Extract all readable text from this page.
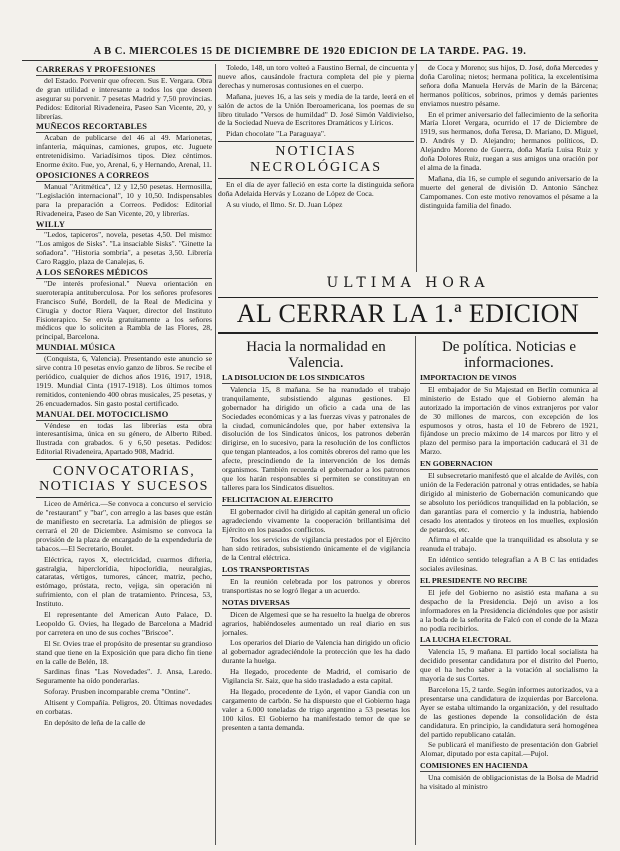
A B C. MIERCOLES 15 DE DICIEMBRE DE 1920 EDICION DE LA TARDE. PAG. 19.
CARRERAS Y PROFESIONES
del Estado. Porvenir que ofrecen. Sus E. Vergara. Obra de gran utilidad e interesante a todos los que deseen asegurar su porvenir. 7 pesetas Madrid y 7,50 provincias. Pedidos: Editorial Rivadeneira, Paseo San Vicente, 20, y librerías.
MUÑECOS RECORTABLES
Acaban de publicarse del 46 al 49. Marionetas, infanteria, máquinas, camiones, grupos, etc. Juguete entretenidísimo. Variadísimos tipos. Diez céntimos. Enorme éxito. Fue, yo, Arenal, 6, y Hernando, Arenal, 11.
OPOSICIONES A CORREOS
Manual "Aritmética", 12 y 12,50 pesetas. Hermosilla, "Legislación internacional", 10 y 10,50. Indispensables para la preparación a Correos. Pedidos: Editorial Rivadeneira, Paseo de San Vicente, 20, y librerías.
WILLY
"Ledos, tapiceros", novela, pesetas 4,50. Del mismo: "Los amigos de Sisks". "La insaciable Sisks". "Ginette la soñadora". "Historia sombría", a pesetas 3,50. Librería Caro Raggio, plaza de Canalejas, 6.
A LOS SEÑORES MÉDICOS
"De interés profesional." Nueva orientación en sueroterapia antituberculosa. Por los señores profesores Francisco Suñé, Bordell, de la Real de Medicina y Cirugía y doctor Riera Vaquer, director del Instituto Fisioterapico. Se envía gratuitamente a los señores médicos que lo soliciten a Rambla de las Flores, 28, principal, Barcelona.
MUNDIAL MÚSICA
(Conquista, 6, Valencia). Presentando este anuncio se sirve contra 10 pesetas envío ganzo de libros. Se recibe el periódico, cualquier de dichos años 1916, 1917, 1918, 1919. Mundial Cinta (1917-1918). Los últimos tomos remitidos, conteniendo 400 obras musicales, 25 pesetas, y 26 encuadernados. Sin gasto postal certificado.
MANUAL DEL MOTOCICLISMO
Véndese en todas las librerías esta obra interesantísima, única en su género, de Alberto Ribed. Ilustrada con grabados. 6 y 6,50 pesetas. Pedidos: Editorial Rivadeneira, Apartado 908, Madrid.
CONVOCATORIAS, NOTICIAS Y SUCESOS
Liceo de América.—Se convoca a concurso el servicio de "restaurant" y "bar", con arreglo a las bases que están de manifiesto en secretaría. La admisión de pliegos se cerrará el 20 de Diciembre. Asimismo se convoca la provisión de la plaza de encargado de la expendeduría de tabacos.—El Secretario, Boulet.
Eléctrica, rayos X, electricidad, cuarmos difteria, gastralgia, hiperclorídia, hipoclorídia, neuralgias, cataratas, vértigos, tumores, cáncer, matriz, pecho, estómago, próstata, recto, vejiga, sin operación ni sufrimiento, con el plan de tratamiento. Princesa, 53, Instituto.
El representante del American Auto Palace, D. Leopoldo G. Ovies, ha llegado de Barcelona a Madrid por carretera en uno de sus coches "Briscoe".
El Sr. Ovies trae el propósito de presentar su grandioso stand que tiene en la Exposición que para dicho fin tiene en la calle de Belén, 18.
Sardinas finas "Las Novedades". J. Ansa, Laredo. Seguramente ha oído ponderarlas.
Soforay. Prusben incomparable crema "Ontine".
Altisent y Compañía. Peligros, 20. Últimas novedades en corbatas.
En depósito de leña de la calle de
Toledo, 148, un toro volteó a Faustino Bernal, de cincuenta y nueve años, causándole fractura completa del pie y pierna derechas y numerosas contusiones en el cuerpo.
Mañana, jueves 16, a las seis y media de la tarde, leerá en el salón de actos de la Unión Iberoamericana, los poemas de su libro titulado "Versos de humildad" D. José Simón Valdivielso, de la Sociedad Nueva de Escritores Dramáticos y Líricos.
Pidan chocolate "La Paraguaya".
NOTICIAS NECROLÓGICAS
En el día de ayer falleció en esta corte la distinguida señora doña Adelaida Hervás y Lozano de López de Coca.
A su viudo, el Ilmo. Sr. D. Juan López
de Coca y Moreno; sus hijos, D. José, doña Mercedes y doña Carolina; nietos; hermana política, la excelentísima señora doña Manuela Hervás de Marín de la Bárcena; hermanos políticos, sobrinos, primos y demás parientes enviamos nuestro pésame.
En el primer aniversario del fallecimiento de la señorita María Lloret Vergara, ocurrido el 17 de Diciembre de 1919, sus hermanos, doña Teresa, D. Mariano, D. Miguel, D. Andrés y D. Alejandro; hermanos políticos, D. Alejandro Moreno de Guerra, doña María Luisa Ruiz y doña Dolores Ruiz, ruegan a sus amigos una oración por el alma de la finada.
Mañana, día 16, se cumple el segundo aniversario de la muerte del general de división D. Antonio Sánchez Campomanes. Con este motivo renovamos el pésame a la distinguida familia del finado.
ULTIMA HORA
AL CERRAR LA 1.ª EDICION
Hacia la normalidad en Valencia.
LA DISOLUCION DE LOS SINDICATOS
Valencia 15, 8 mañana. Se ha reanudado el trabajo tranquilamente, subsistiendo algunas gestiones. El gobernador ha dirigido un oficio a cada una de las Sociedades económicas y a las fuerzas vivas y patronales de la ciudad, comunicándoles que, por haber extensiva la disolución de los Sindicatos únicos, los patronos deberán dirigirse, en lo sucesivo, para la resolución de los conflictos que tengan planteados, a los comités obreros del ramo que les afecte, prescindiendo de la intervención de los demás organismos. También recuerda el gobernador a los patronos que los harán responsables si permiten se constituyan en talleres para los Sindicatos disueltos.
FELICITACION AL EJERCITO
El gobernador civil ha dirigido al capitán general un oficio agradeciendo vivamente la cooperación brillantísima del Ejército en los pasados conflictos.
Todos los servicios de vigilancia prestados por el Ejército han sido retirados, subsistiendo únicamente el de vigilancia de la Central eléctrica.
LOS TRANSPORTISTAS
En la reunión celebrada por los patronos y obreros transportistas no se logró llegar a un acuerdo.
NOTAS DIVERSAS
Dicen de Algemesí que se ha resuelto la huelga de obreros agrarios, habiéndoseles aumentado un real diario en sus jornales.
Los operarios del Diario de Valencia han dirigido un oficio al gobernador agradeciéndole la protección que les ha dado durante la huelga.
Ha llegado, procedente de Madrid, el comisario de Vigilancia Sr. Saiz, que ha sido trasladado a esta capital.
Ha llegado, procedente de Lyón, el vapor Gandía con un cargamento de carbón. Se ha dispuesto que el Gobierno haga valer a 6.000 toneladas de trigo argentino a 53 pesetas los 100 kilos. El Gobierno ha manifestado temor de que se presenten a tanta demanda.
De política. Noticias e informaciones.
IMPORTACION DE VINOS
El embajador de Su Majestad en Berlín comunica al ministerio de Estado que el Gobierno alemán ha autorizado la importación de vinos extranjeros por valor de 30 millones de marcos, con excepción de los espumosos y otros, hasta el 10 de Febrero de 1921, fijándose un precio máximo de 14 marcos por litro y el plazo del permiso para la importación caducará el 31 de Marzo.
EN GOBERNACION
El subsecretario manifestó que el alcalde de Avilés, con unión de la Federación patronal y otras entidades, se había dirigido al ministerio de Gobernación comunicando que se absoluto los periódicos tranquilidad en la población, se dan garantías para el comercio y la industria, habiendo cesado los atentados y tiroteos en los muelles, explosión de petardos, etc.
Afirma el alcalde que la tranquilidad es absoluta y se reanuda el trabajo.
En idéntico sentido telegrafían a A B C las entidades sociales avilesinas.
EL PRESIDENTE NO RECIBE
El jefe del Gobierno no asistió esta mañana a su despacho de la Presidencia. Dejó un aviso a los informadores en la Presidencia diciéndoles que por asistir a la boda de la señorita de Falcó con el conde de la Maza no podía recibirlos.
LA LUCHA ELECTORAL
Valencia 15, 9 mañana. El partido local socialista ha decidido presentar candidatura por el distrito del Puerto, que el ha hecho saber a la votación al socialismo la mayoría de sus Cortes.
Barcelona 15, 2 tarde. Según informes autorizados, va a presentarse una candidatura de izquierdas por Barcelona. Ayer se estaba ultimando la organización, y del resultado de las gestiones depende la consolidación de ésta candidatura. En principio, la candidatura será homogénea del partido republicano catalán.
Se publicará el manifiesto de presentación don Gabriel Alomar, diputado por esta capital.—Pujol.
COMISIONES EN HACIENDA
Una comisión de obligacionistas de la Bolsa de Madrid ha visitado al ministro
